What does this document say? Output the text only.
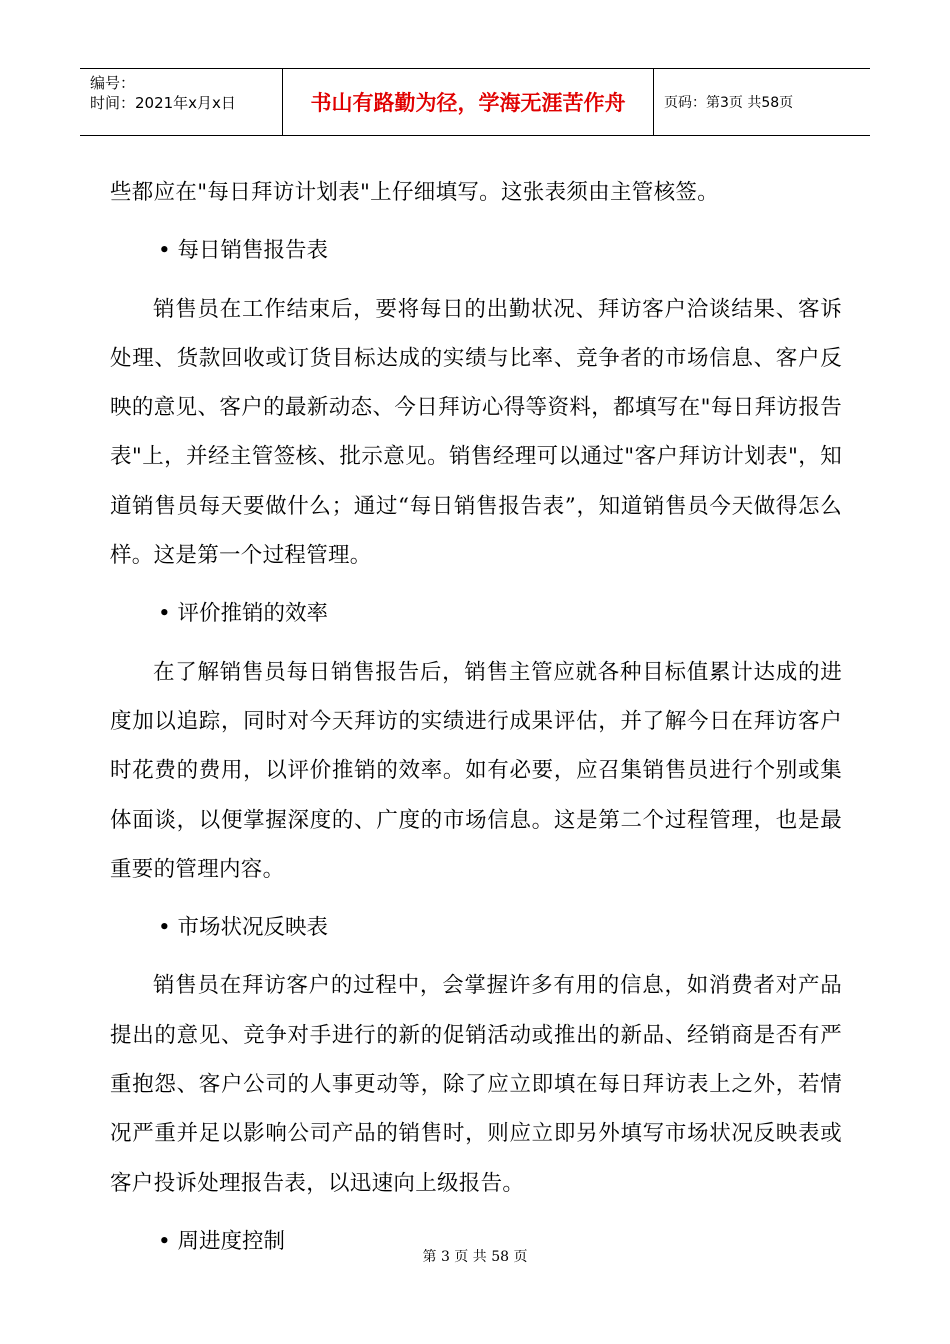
编号：
时间：2021年x月x日	书山有路勤为径，学海无涯苦作舟	页码：第3页 共58页

些都应在"每日拜访计划表"上仔细填写。这张表须由主管核签。

• 每日销售报告表

销售员在工作结束后，要将每日的出勤状况、拜访客户洽谈结果、客诉处理、货款回收或订货目标达成的实绩与比率、竞争者的市场信息、客户反映的意见、客户的最新动态、今日拜访心得等资料，都填写在"每日拜访报告表"上，并经主管签核、批示意见。销售经理可以通过"客户拜访计划表"，知道销售员每天要做什么；通过“每日销售报告表”，知道销售员今天做得怎么样。这是第一个过程管理。

• 评价推销的效率

在了解销售员每日销售报告后，销售主管应就各种目标值累计达成的进度加以追踪，同时对今天拜访的实绩进行成果评估，并了解今日在拜访客户时花费的费用，以评价推销的效率。如有必要，应召集销售员进行个别或集体面谈，以便掌握深度的、广度的市场信息。这是第二个过程管理，也是最重要的管理内容。

• 市场状况反映表

销售员在拜访客户的过程中，会掌握许多有用的信息，如消费者对产品提出的意见、竞争对手进行的新的促销活动或推出的新品、经销商是否有严重抱怨、客户公司的人事更动等，除了应立即填在每日拜访表上之外，若情况严重并足以影响公司产品的销售时，则应立即另外填写市场状况反映表或客户投诉处理报告表，以迅速向上级报告。

• 周进度控制

第 3 页 共 58 页
